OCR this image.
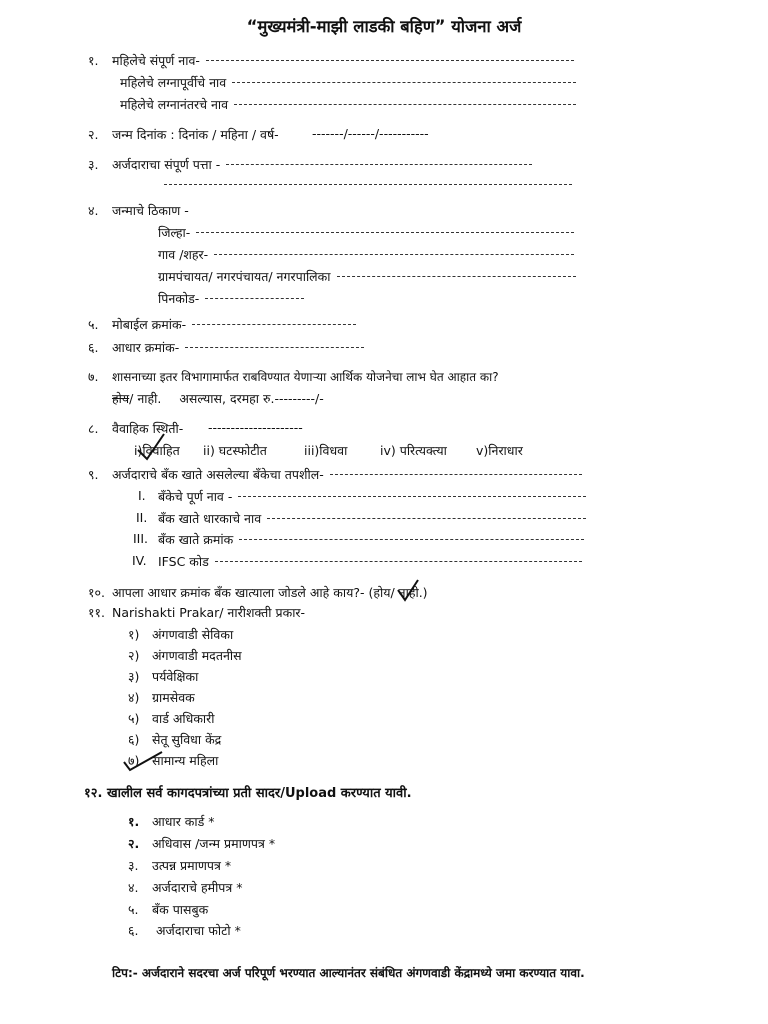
“मुख्यमंत्री-माझी लाडकी बहिण” योजना अर्ज
१. महिलेचे संपूर्ण नाव-
महिलेचे लग्नापूर्वीचे नाव
महिलेचे लग्नानंतरचे नाव
२. जन्म दिनांक : दिनांक / महिना / वर्ष-	-------/------/-----------
३. अर्जदाराचा संपूर्ण पत्ता -
४. जन्माचे ठिकाण -
जिल्हा-
गाव /शहर-
ग्रामपंचायत/ नगरपंचायत/ नगरपालिका
पिनकोड-
५. मोबाईल क्रमांक-
६. आधार क्रमांक-
७. शासनाच्या इतर विभागामार्फत राबविण्यात येणाऱ्या आर्थिक योजनेचा लाभ घेत आहात का?
होय/ नाही. असल्यास, दरमहा रु.---------/-
८. वैवाहिक स्थिती- ---------------------
i)विवाहित ii) घटस्फोटीत	iii)विधवा	iv) परित्यक्त्या v)निराधार
९. अर्जदाराचे बँक खाते असलेल्या बँकेचा तपशील-
I. बँकेचे पूर्ण नाव -
II. बँक खाते धारकाचे नाव
III. बँक खाते क्रमांक
IV. IFSC कोड
१०. आपला आधार क्रमांक बँक खात्याला जोडले आहे काय?- (होय/ नाही.)
११. Narishakti Prakar/ नारीशक्ती प्रकार-
१) अंगणवाडी सेविका
२) अंगणवाडी मदतनीस
३) पर्यवेक्षिका
४) ग्रामसेवक
५) वार्ड अधिकारी
६) सेतू सुविधा केंद्र
७) सामान्य महिला
१२. खालील सर्व कागदपत्रांच्या प्रती सादर/Upload करण्यात यावी.
१. आधार कार्ड *
२. अधिवास /जन्म प्रमाणपत्र *
३. उत्पन्न प्रमाणपत्र *
४. अर्जदाराचे हमीपत्र *
५. बँक पासबुक
६. अर्जदाराचा फोटो *
टिप:- अर्जदाराने सदरचा अर्ज परिपूर्ण भरण्यात आल्यानंतर संबंधित अंगणवाडी केंद्रामध्ये जमा करण्यात यावा.
